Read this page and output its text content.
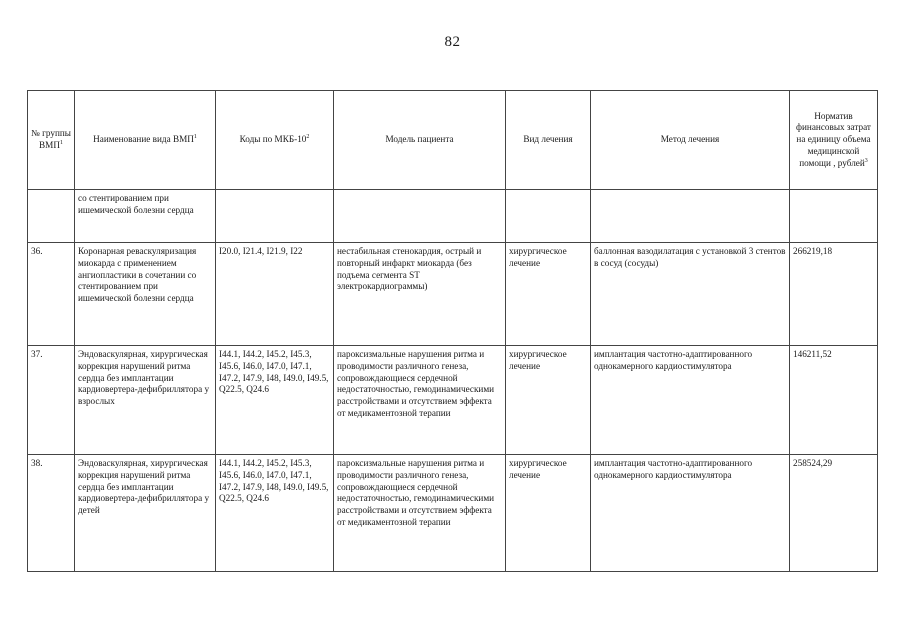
82
№ группы ВМП$^1$	Наименование вида ВМП$^1$	Коды по МКБ-$10^2$	Модель пациента	Вид лечения	Метод лечения	Норматив финансовых затрат на единицу объема медицинской помощи , рублей$^3$
	со стентированием при ишемической болезни сердца					
36.	Коронарная реваскуляризация миокарда с применением ангиопластики в сочетании со стентированием при ишемической болезни сердца	I20.0, I21.4, I21.9, I22	нестабильная стенокардия, острый и повторный инфаркт миокарда (без подъема сегмента ST электрокардиограммы)	хирургическое лечение	баллонная вазодилатация с установкой 3 стентов в сосуд (сосуды)	266219,18
37.	Эндоваскулярная, хирургическая коррекция нарушений ритма сердца без имплантации кардиовертера-дефибриллятора у взрослых	I44.1, I44.2, I45.2, I45.3, I45.6, I46.0, I47.0, I47.1, I47.2, I47.9, I48, I49.0, I49.5, Q22.5, Q24.6	пароксизмальные нарушения ритма и проводимости различного генеза, сопровождающиеся сердечной недостаточностью, гемодинамическими расстройствами и отсутствием эффекта от медикаментозной терапии	хирургическое лечение	имплантация частотно-адаптированного однокамерного кардиостимулятора	146211,52
38.	Эндоваскулярная, хирургическая коррекция нарушений ритма сердца без имплантации кардиовертера-дефибриллятора у детей	I44.1, I44.2, I45.2, I45.3, I45.6, I46.0, I47.0, I47.1, I47.2, I47.9, I48, I49.0, I49.5, Q22.5, Q24.6	пароксизмальные нарушения ритма и проводимости различного генеза, сопровождающиеся сердечной недостаточностью, гемодинамическими расстройствами и отсутствием эффекта от медикаментозной терапии	хирургическое лечение	имплантация частотно-адаптированного однокамерного кардиостимулятора	258524,29
